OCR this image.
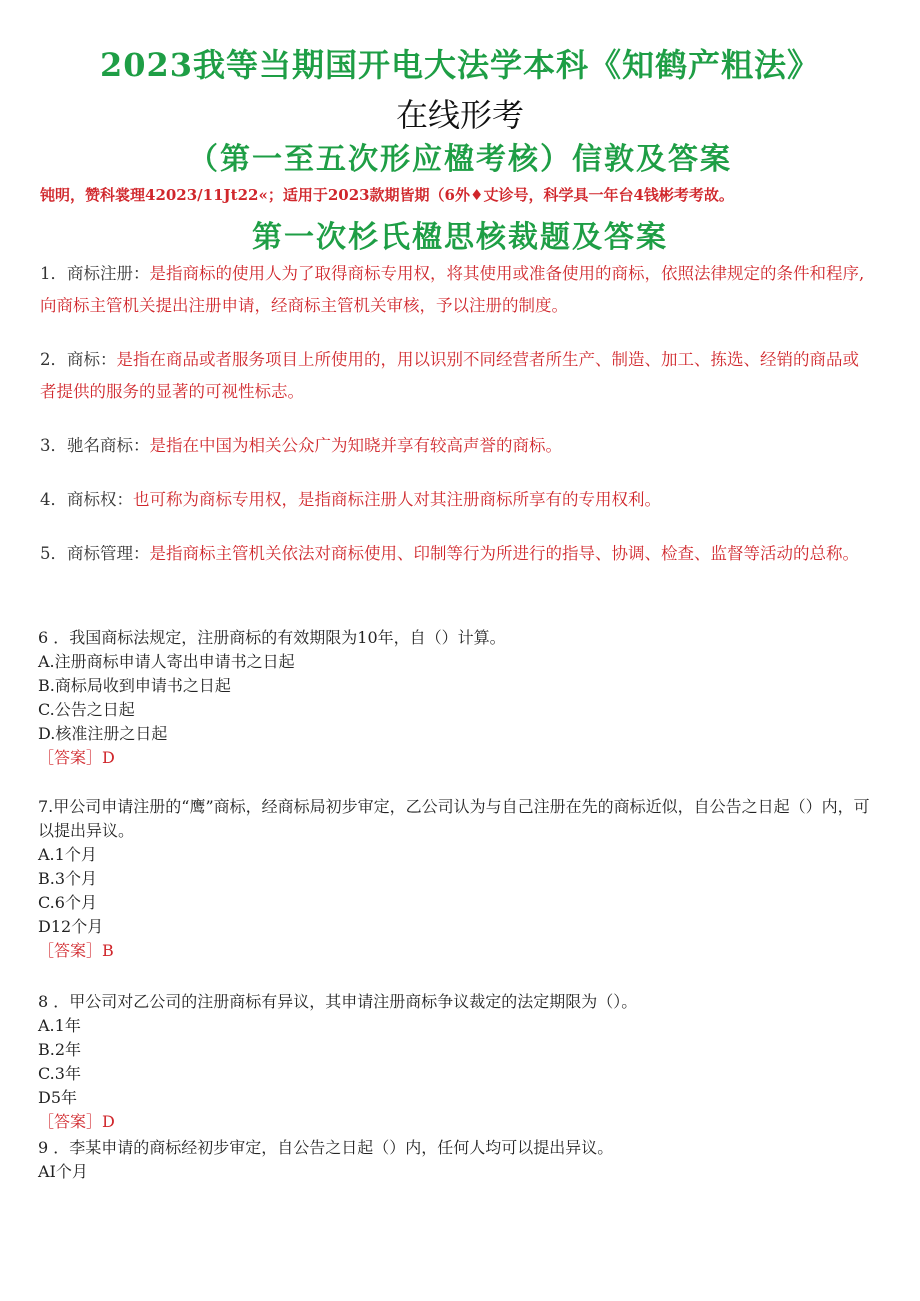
2023我等当期国开电大法学本科《知鹤产粗法》
在线形考
（第一至五次形应楹考核）信敦及答案
钝明，赞科裳理42023/11Jt22«；适用于2023款期皆期（6外♦丈诊号，科学具一年台4钱彬考考故。
第一次杉氏楹思核裁题及答案
1．商标注册：是指商标的使用人为了取得商标专用权，将其使用或准备使用的商标，依照法律规定的条件和程序,向商标主管机关提出注册申请，经商标主管机关审核，予以注册的制度。
2．商标：是指在商品或者服务项目上所使用的，用以识别不同经营者所生产、制造、加工、拣选、经销的商品或者提供的服务的显著的可视性标志。
3．驰名商标：是指在中国为相关公众广为知晓并享有较高声誉的商标。
4．商标权：也可称为商标专用权，是指商标注册人对其注册商标所享有的专用权利。
5．商标管理：是指商标主管机关依法对商标使用、印制等行为所进行的指导、协调、检查、监督等活动的总称。
6 ．我国商标法规定，注册商标的有效期限为10年，自（）计算。
A.注册商标申请人寄出申请书之日起
B.商标局收到申请书之日起
C.公告之日起
D.核准注册之日起
［答案］D
7.甲公司申请注册的“鹰”商标，经商标局初步审定，乙公司认为与自己注册在先的商标近似，自公告之日起（）内，可以提出异议。
A.1个月
B.3个月
C.6个月
D12个月
［答案］B
8 ．甲公司对乙公司的注册商标有异议，其申请注册商标争议裁定的法定期限为（）。
A.1年
B.2年
C.3年
D5年
［答案］D
9 ．李某申请的商标经初步审定，自公告之日起（）内，任何人均可以提出异议。
AI个月
